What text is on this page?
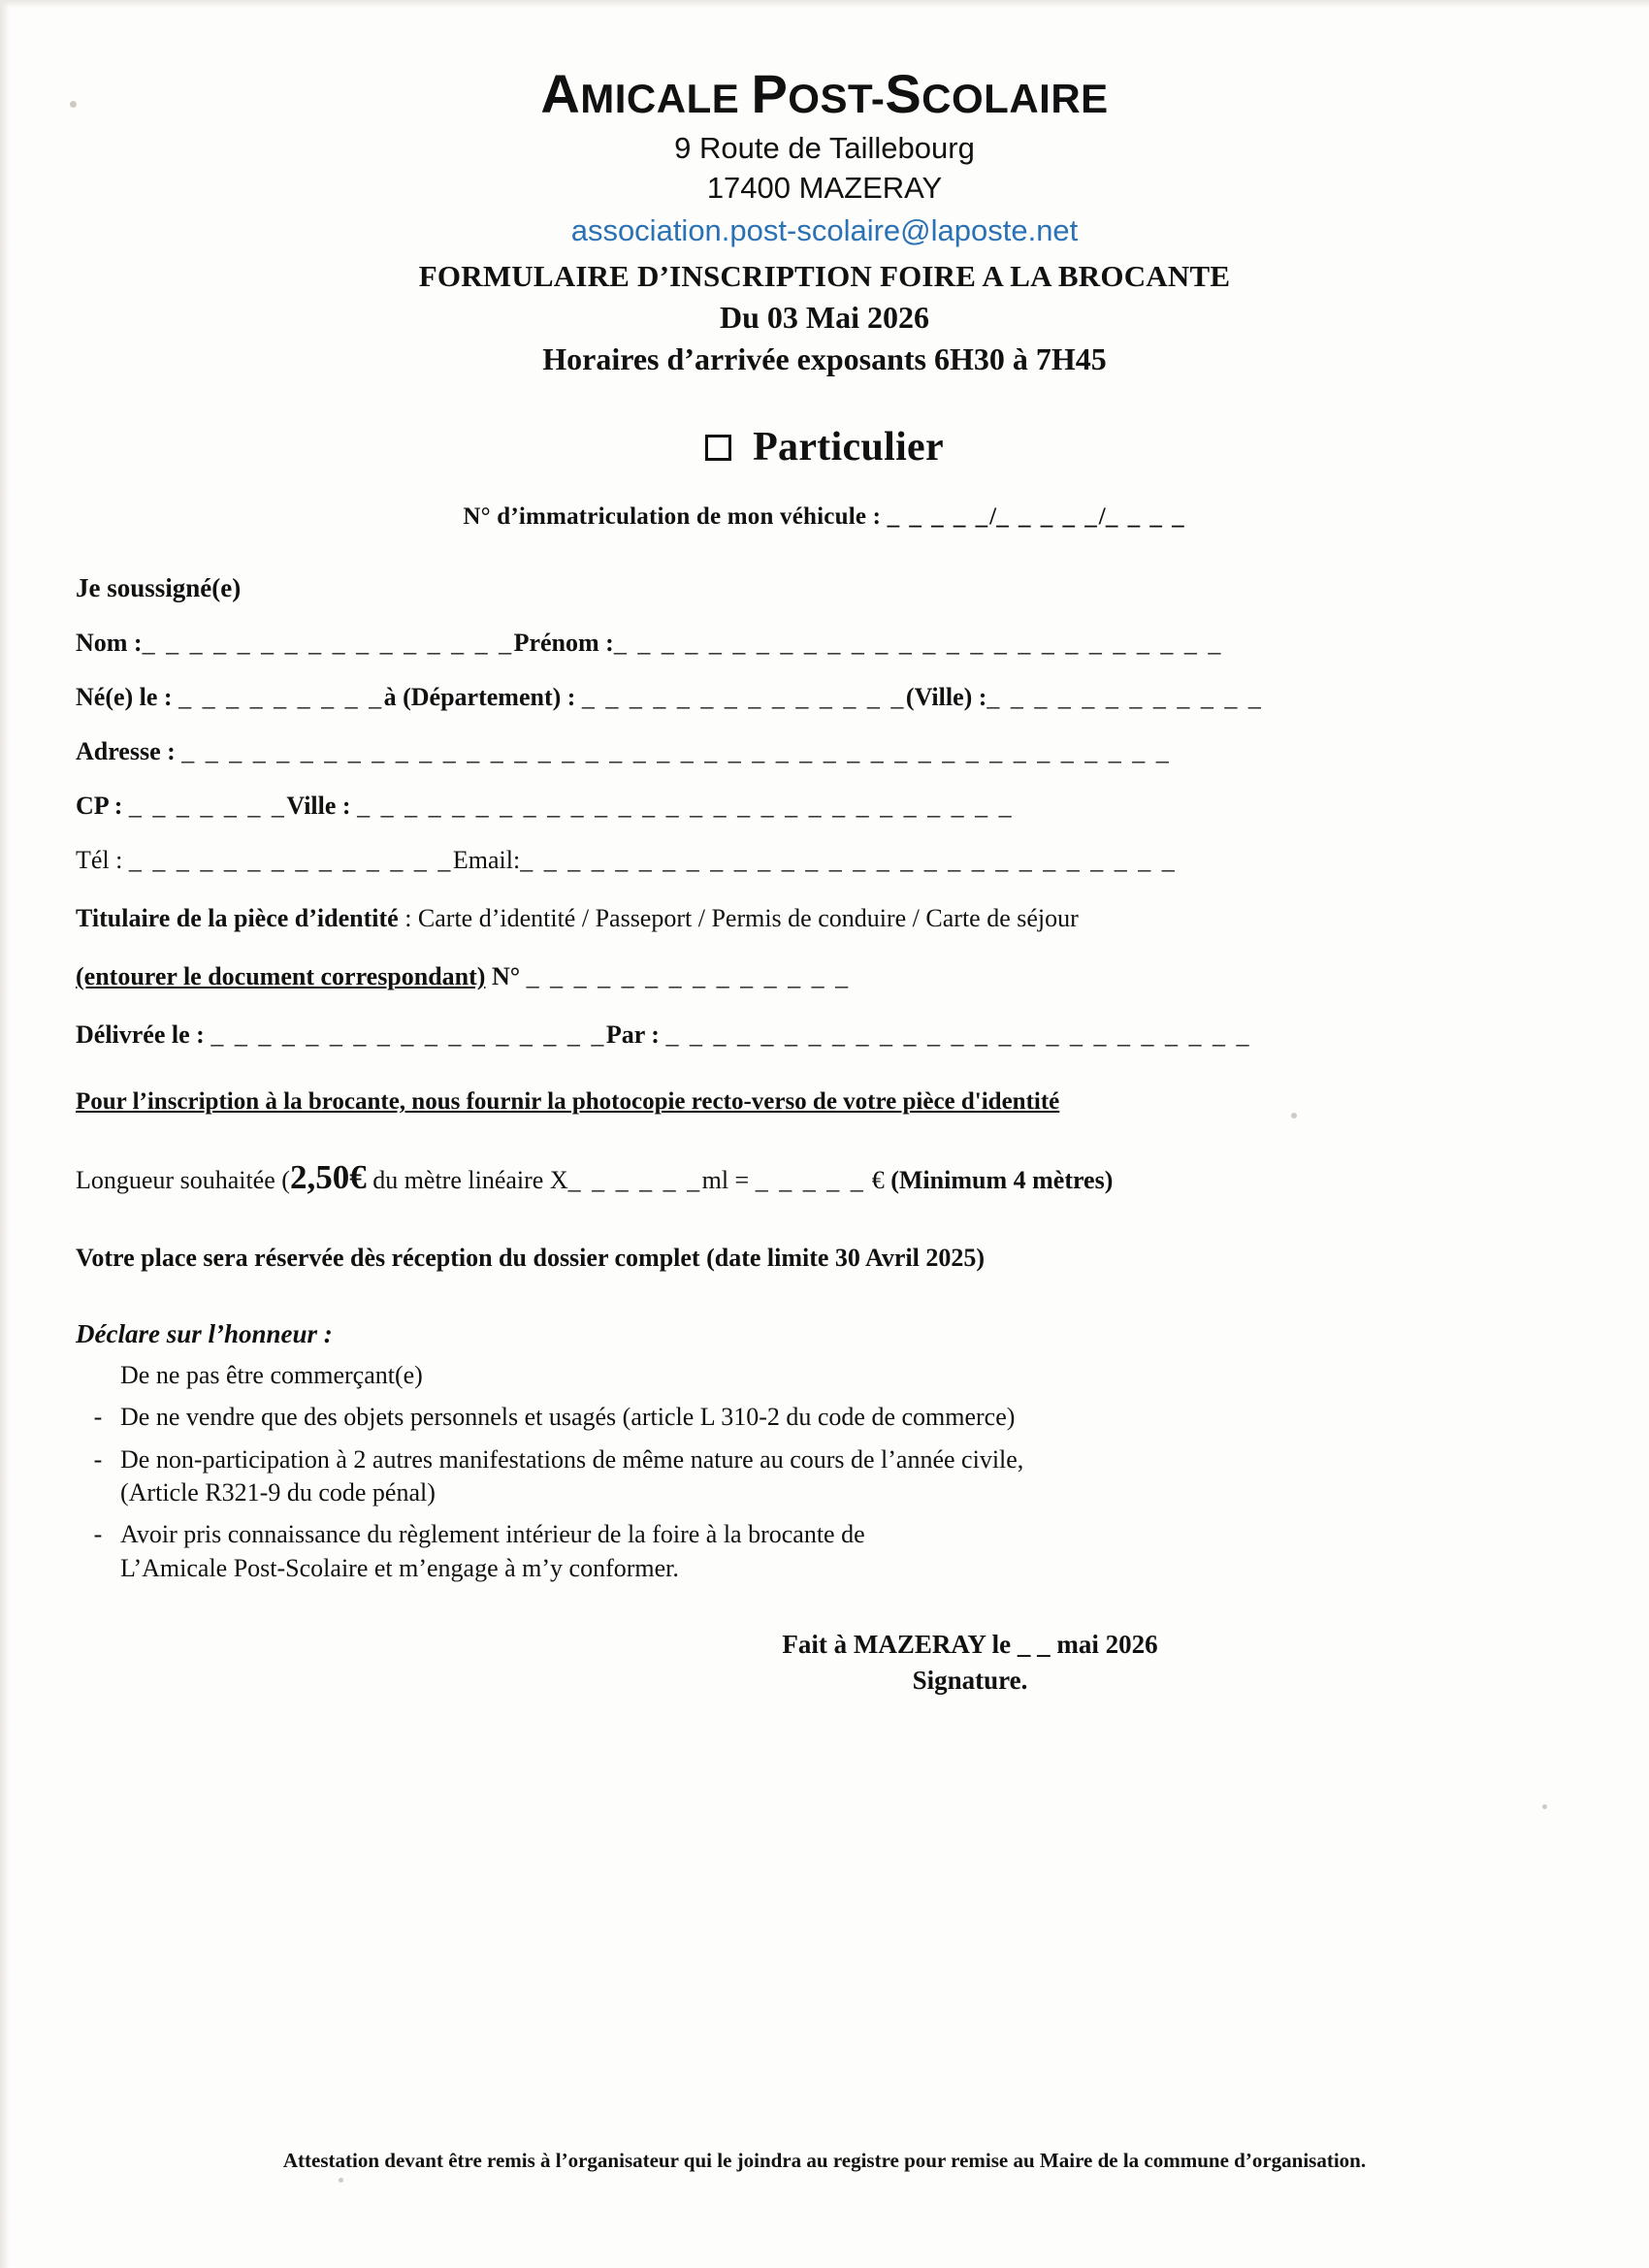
AMICALE POST-SCOLAIRE
9 Route de Taillebourg
17400 MAZERAY
association.post-scolaire@laposte.net
FORMULAIRE D’INSCRIPTION FOIRE A LA BROCANTE
Du 03 Mai 2026
Horaires d’arrivée exposants 6H30 à 7H45
Particulier
N° d’immatriculation de mon véhicule : _ _ _ _ _/_ _ _ _ _/_ _ _ _
Je soussigné(e)
Nom :_ _ _ _ _ _ _ _ _ _ _ _ _ _ _ _Prénom :_ _ _ _ _ _ _ _ _ _ _ _ _ _ _ _ _ _ _ _ _ _ _ _ _ _
Né(e) le : _ _ _ _ _ _ _ _ _à (Département) : _ _ _ _ _ _ _ _ _ _ _ _ _ _(Ville) :_ _ _ _ _ _ _ _ _ _ _ _
Adresse : _ _ _ _ _ _ _ _ _ _ _ _ _ _ _ _ _ _ _ _ _ _ _ _ _ _ _ _ _ _ _ _ _ _ _ _ _ _ _ _ _ _
CP : _ _ _ _ _ _ _Ville : _ _ _ _ _ _ _ _ _ _ _ _ _ _ _ _ _ _ _ _ _ _ _ _ _ _ _ _
Tél : _ _ _ _ _ _ _ _ _ _ _ _ _ _Email:_ _ _ _ _ _ _ _ _ _ _ _ _ _ _ _ _ _ _ _ _ _ _ _ _ _ _ _
Titulaire de la pièce d’identité : Carte d’identité / Passeport / Permis de conduire / Carte de séjour
(entourer le document correspondant) N° _ _ _ _ _ _ _ _ _ _ _ _ _ _
Délivrée le : _ _ _ _ _ _ _ _ _ _ _ _ _ _ _ _ _Par : _ _ _ _ _ _ _ _ _ _ _ _ _ _ _ _ _ _ _ _ _ _ _ _ _
Pour l’inscription à la brocante, nous fournir la photocopie recto-verso de votre pièce d'identité
Longueur souhaitée (2,50€ du mètre linéaire X_ _ _ _ _ _ml = _ _ _ _ _ € (Minimum 4 mètres)
Votre place sera réservée dès réception du dossier complet (date limite 30 Avril 2025)
Déclare sur l’honneur :
De ne pas être commerçant(e)
- De ne vendre que des objets personnels et usagés (article L 310-2 du code de commerce)
- De non-participation à 2 autres manifestations de même nature au cours de l’année civile,
(Article R321-9 du code pénal)
- Avoir pris connaissance du règlement intérieur de la foire à la brocante de
L’Amicale Post-Scolaire et m’engage à m’y conformer.
Fait à MAZERAY le _ _ mai 2026
Signature.
Attestation devant être remis à l’organisateur qui le joindra au registre pour remise au Maire de la commune d’organisation.
